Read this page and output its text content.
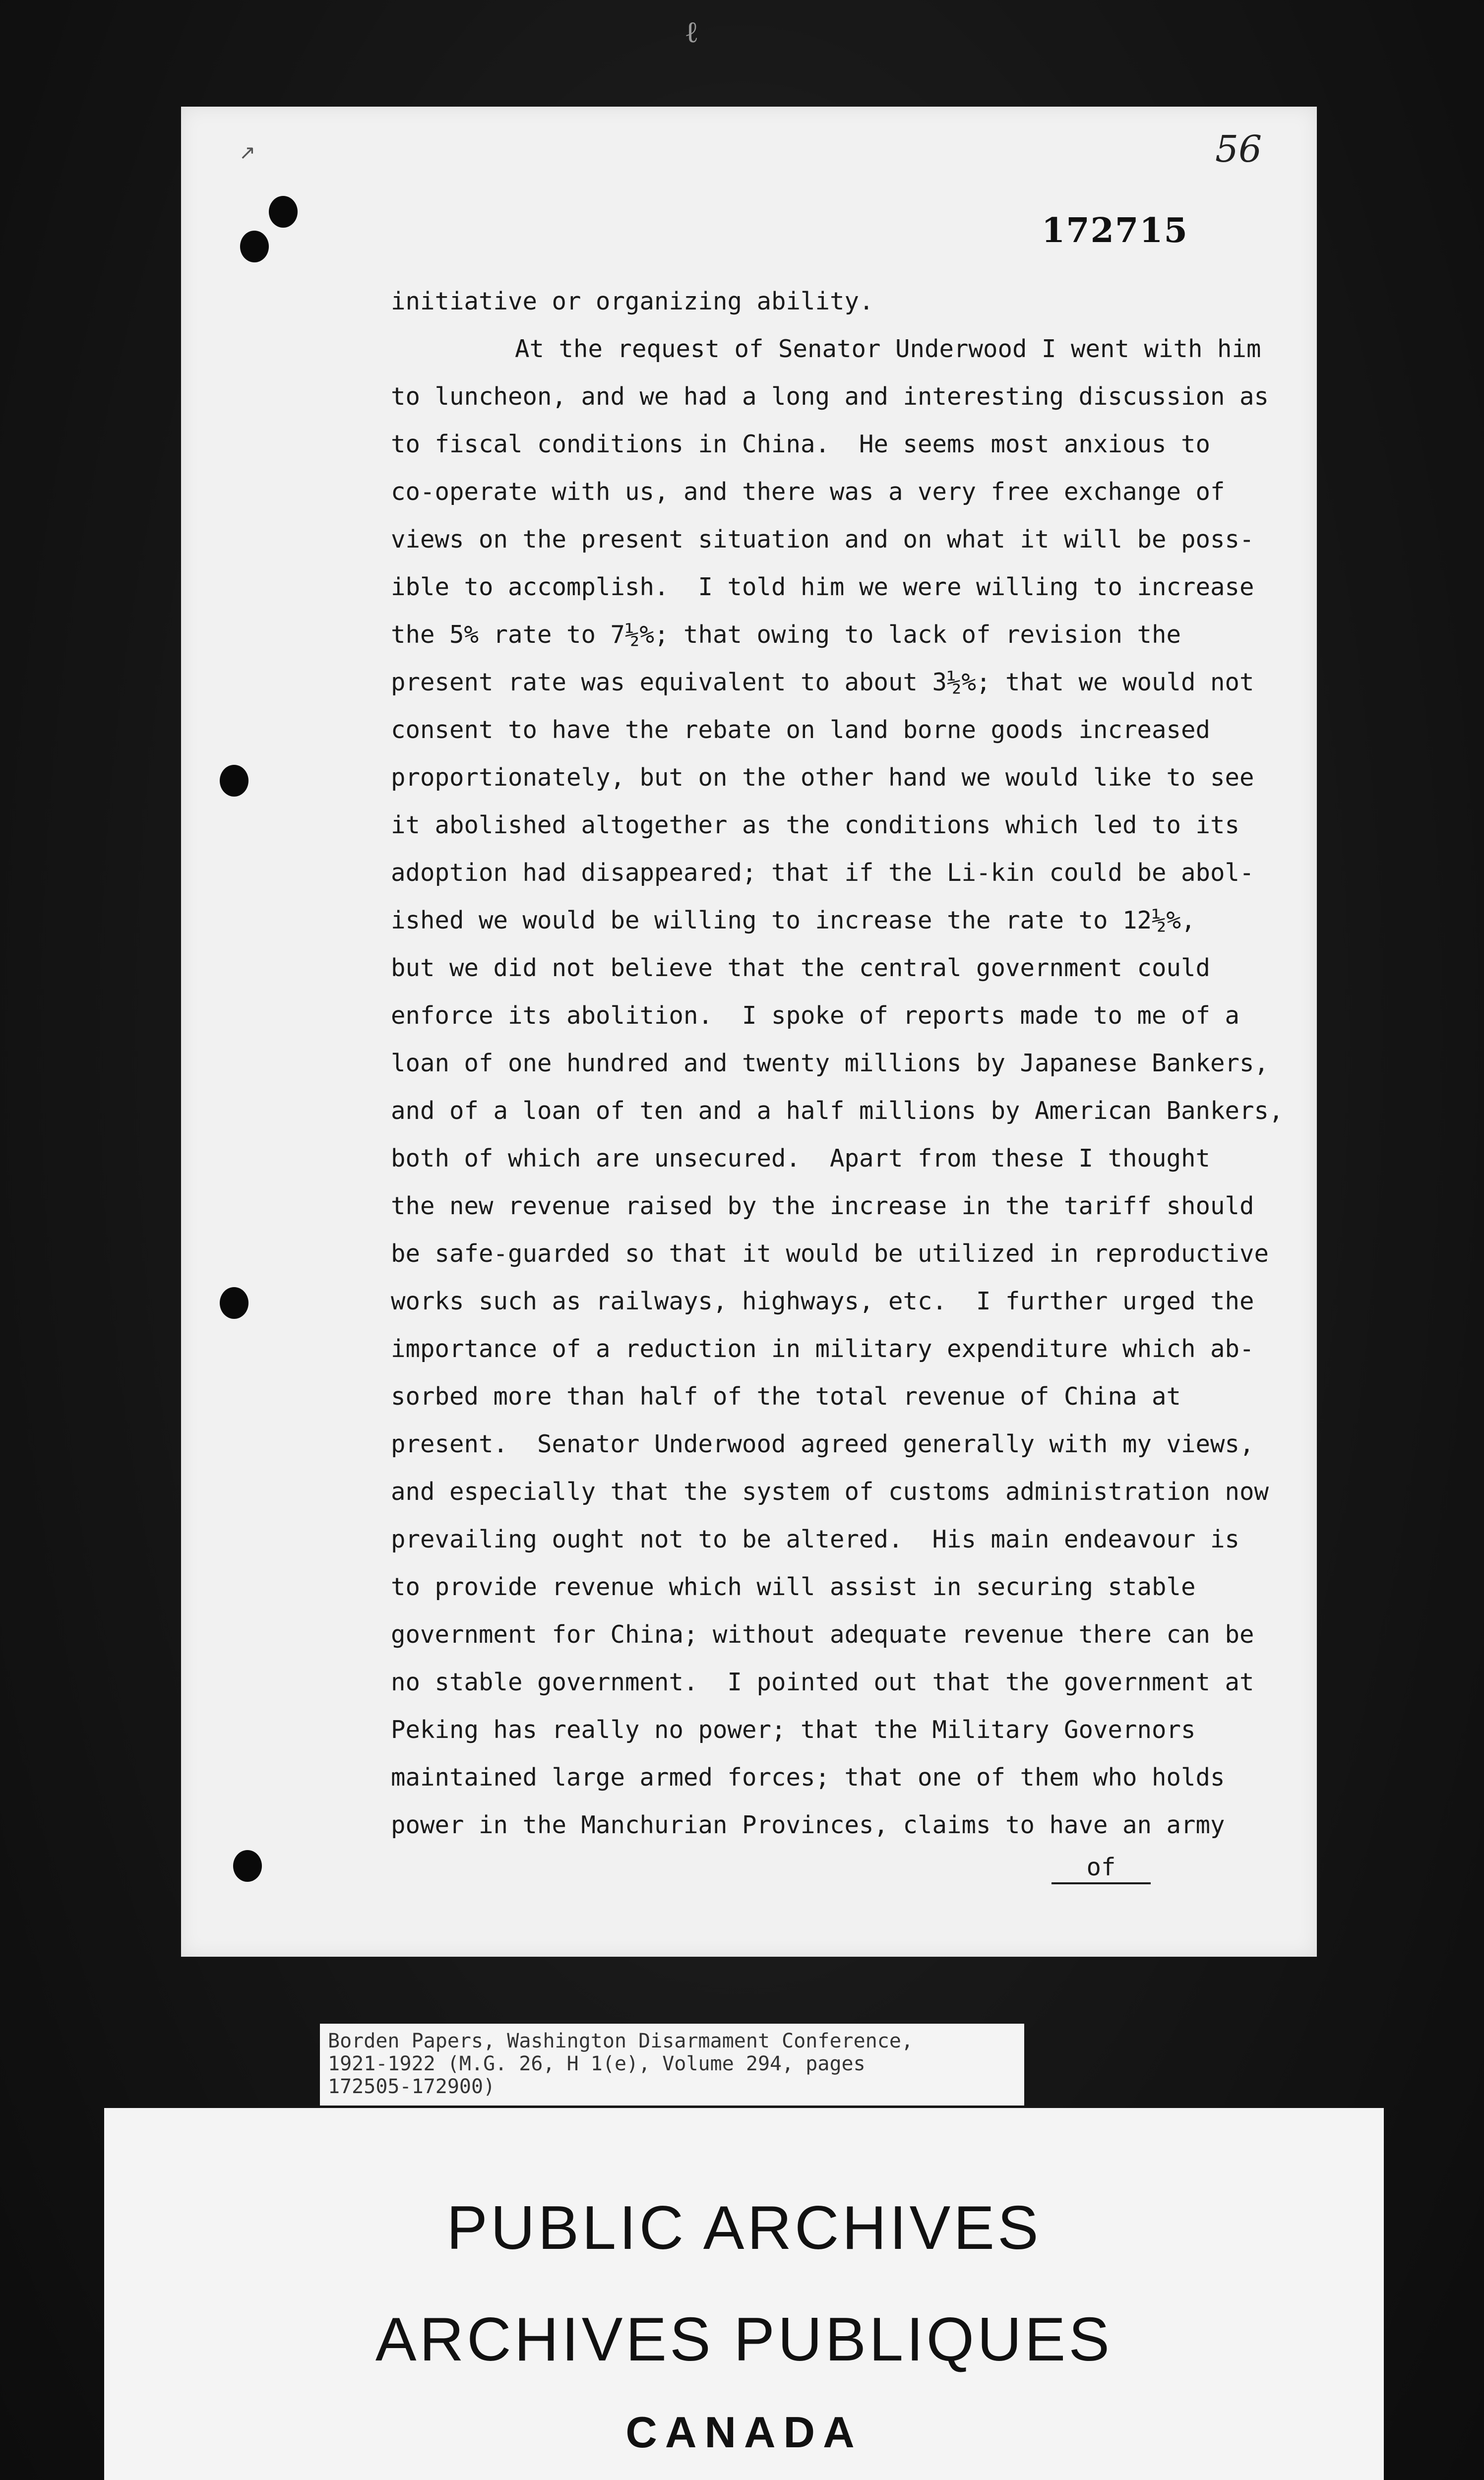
ℓ
↗	56
172715
initiative or organizing ability.
At the request of Senator Underwood I went with him
to luncheon, and we had a long and interesting discussion as
to fiscal conditions in China.  He seems most anxious to
co-operate with us, and there was a very free exchange of
views on the present situation and on what it will be poss-
ible to accomplish.  I told him we were willing to increase
the 5% rate to 7½%; that owing to lack of revision the
present rate was equivalent to about 3½%; that we would not
consent to have the rebate on land borne goods increased
proportionately, but on the other hand we would like to see
it abolished altogether as the conditions which led to its
adoption had disappeared; that if the Li-kin could be abol-
ished we would be willing to increase the rate to 12½%,
but we did not believe that the central government could
enforce its abolition.  I spoke of reports made to me of a
loan of one hundred and twenty millions by Japanese Bankers,
and of a loan of ten and a half millions by American Bankers,
both of which are unsecured.  Apart from these I thought
the new revenue raised by the increase in the tariff should
be safe-guarded so that it would be utilized in reproductive
works such as railways, highways, etc.  I further urged the
importance of a reduction in military expenditure which ab-
sorbed more than half of the total revenue of China at
present.  Senator Underwood agreed generally with my views,
and especially that the system of customs administration now
prevailing ought not to be altered.  His main endeavour is
to provide revenue which will assist in securing stable
government for China; without adequate revenue there can be
no stable government.  I pointed out that the government at
Peking has really no power; that the Military Governors
maintained large armed forces; that one of them who holds
power in the Manchurian Provinces, claims to have an army
of
Borden Papers, Washington Disarmament Conference,
1921-1922 (M.G. 26, H 1(e), Volume 294, pages
172505-172900)
PUBLIC ARCHIVES
ARCHIVES PUBLIQUES
CANADA
